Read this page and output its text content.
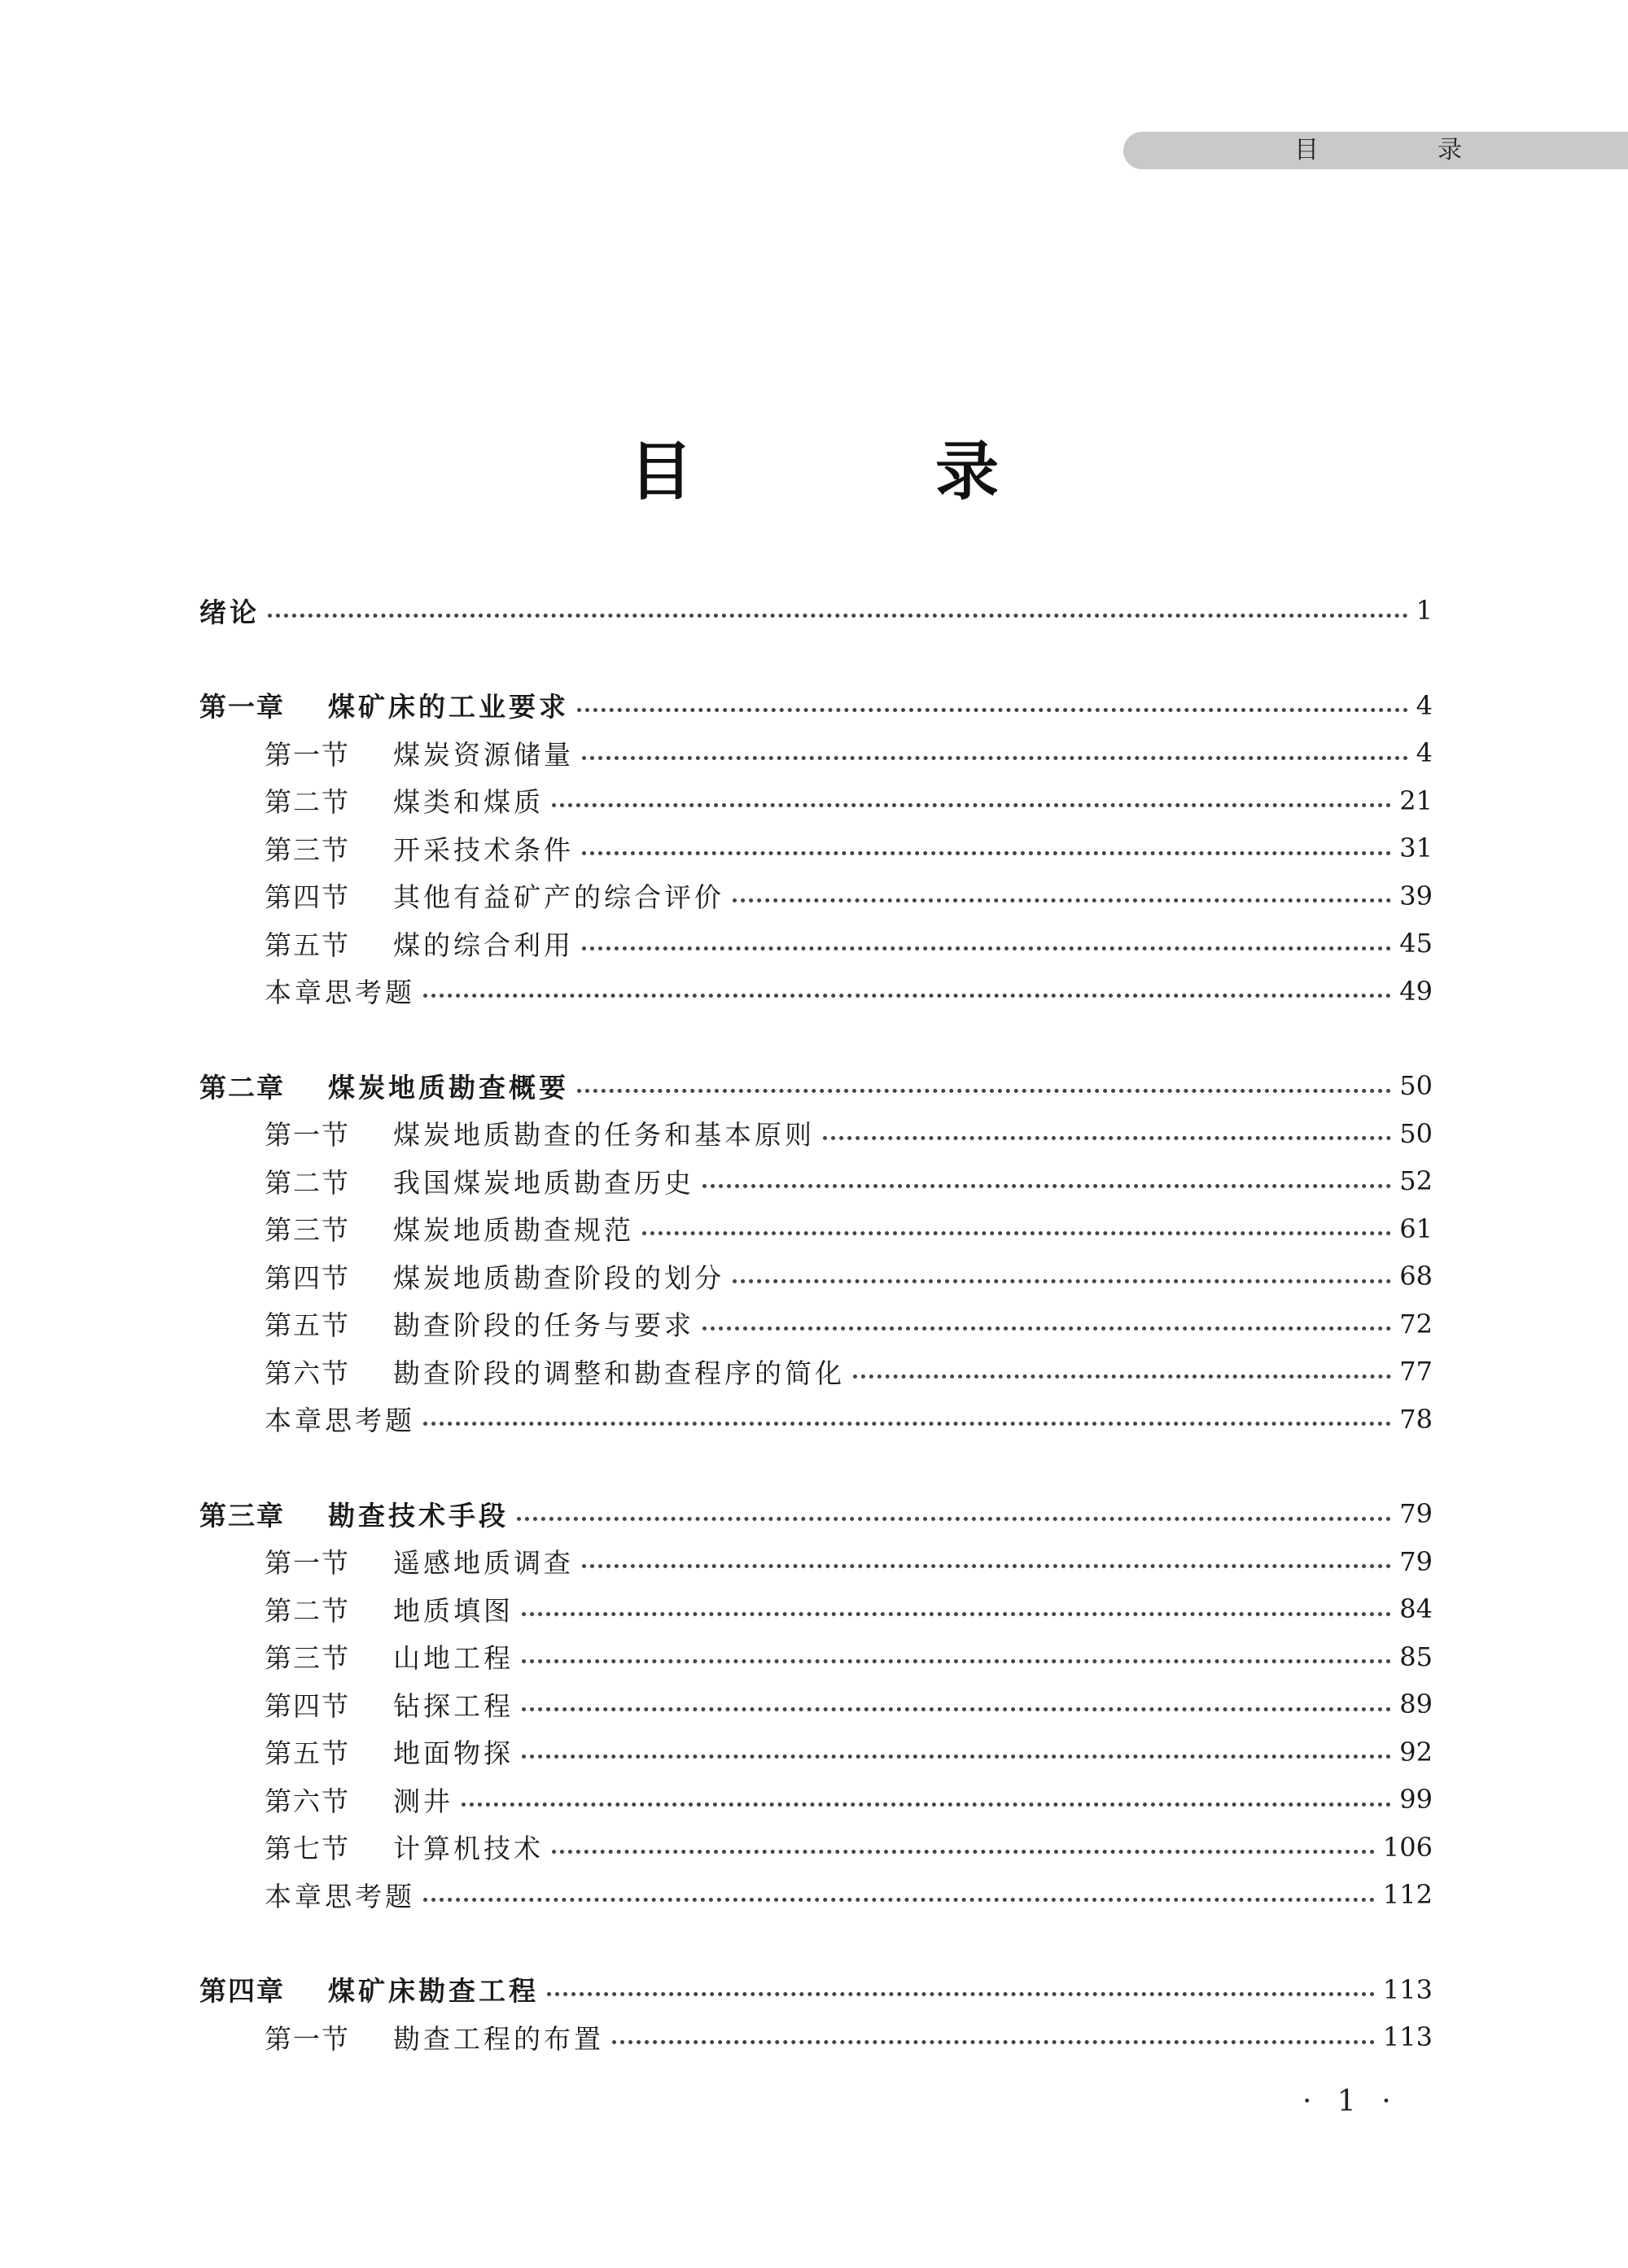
目　录
目　录
绪论	1
第一章	煤矿床的工业要求	4
第一节	煤炭资源储量	4
第二节	煤类和煤质	21
第三节	开采技术条件	31
第四节	其他有益矿产的综合评价	39
第五节	煤的综合利用	45
本章思考题	49
第二章	煤炭地质勘查概要	50
第一节	煤炭地质勘查的任务和基本原则	50
第二节	我国煤炭地质勘查历史	52
第三节	煤炭地质勘查规范	61
第四节	煤炭地质勘查阶段的划分	68
第五节	勘查阶段的任务与要求	72
第六节	勘查阶段的调整和勘查程序的简化	77
本章思考题	78
第三章	勘查技术手段	79
第一节	遥感地质调查	79
第二节	地质填图	84
第三节	山地工程	85
第四节	钻探工程	89
第五节	地面物探	92
第六节	测井	99
第七节	计算机技术	106
本章思考题	112
第四章	煤矿床勘查工程	113
第一节	勘查工程的布置	113
· 1 ·
